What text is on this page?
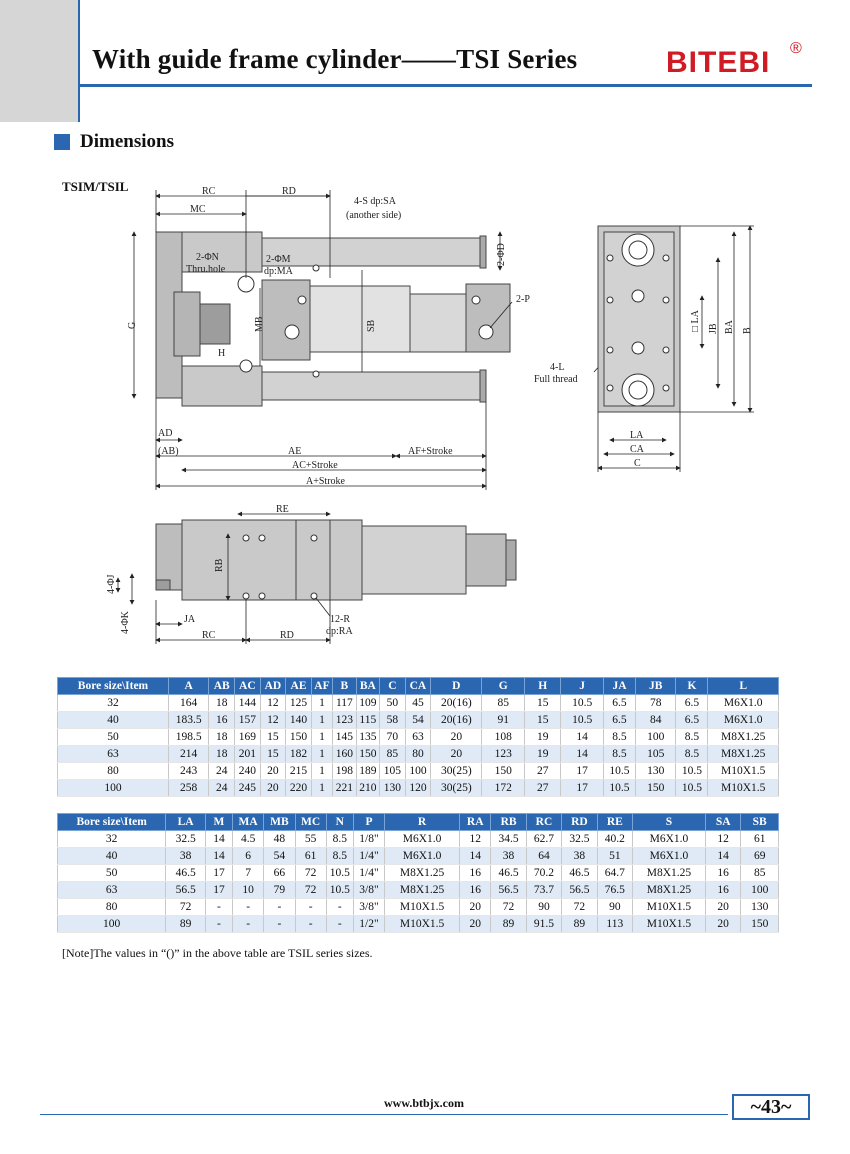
With guide frame cylinder——TSI Series	BITEBI ®
Dimensions
TSIM/TSIL	RC	RD
MC
4-S dp:SA
(another side)
2-ΦD
2-ΦN
Thru.hole
2-ΦM
dp:MA
G	MB	SB
H
2-P
4-L
Full thread
AD
(AB)	AE	AF+Stroke
AC+Stroke
A+Stroke
LA
CA
C
□ LA JB BA B
RE
RB
4-ΦJ
4-ΦK	JA
RC	RD
12-R
dp:RA
Bore size\Item	A	AB	AC	AD	AE	AF	B	BA	C	CA	D	G	H	J	JA	JB	K	L
32	164	18	144	12	125	1	117	109	50	45	20(16)	85	15	10.5	6.5	78	6.5	M6X1.0
40	183.5	16	157	12	140	1	123	115	58	54	20(16)	91	15	10.5	6.5	84	6.5	M6X1.0
50	198.5	18	169	15	150	1	145	135	70	63	20	108	19	14	8.5	100	8.5	M8X1.25
63	214	18	201	15	182	1	160	150	85	80	20	123	19	14	8.5	105	8.5	M8X1.25
80	243	24	240	20	215	1	198	189	105	100	30(25)	150	27	17	10.5	130	10.5	M10X1.5
100	258	24	245	20	220	1	221	210	130	120	30(25)	172	27	17	10.5	150	10.5	M10X1.5
Bore size\Item	LA	M	MA	MB	MC	N	P	R	RA	RB	RC	RD	RE	S	SA	SB
32	32.5	14	4.5	48	55	8.5	1/8"	M6X1.0	12	34.5	62.7	32.5	40.2	M6X1.0	12	61
40	38	14	6	54	61	8.5	1/4"	M6X1.0	14	38	64	38	51	M6X1.0	14	69
50	46.5	17	7	66	72	10.5	1/4"	M8X1.25	16	46.5	70.2	46.5	64.7	M8X1.25	16	85
63	56.5	17	10	79	72	10.5	3/8"	M8X1.25	16	56.5	73.7	56.5	76.5	M8X1.25	16	100
80	72	-	-	-	-	-	3/8"	M10X1.5	20	72	90	72	90	M10X1.5	20	130
100	89	-	-	-	-	-	1/2"	M10X1.5	20	89	91.5	89	113	M10X1.5	20	150
[Note]The values in “()” in the above table are TSIL series sizes.
www.btbjx.com	~43~
